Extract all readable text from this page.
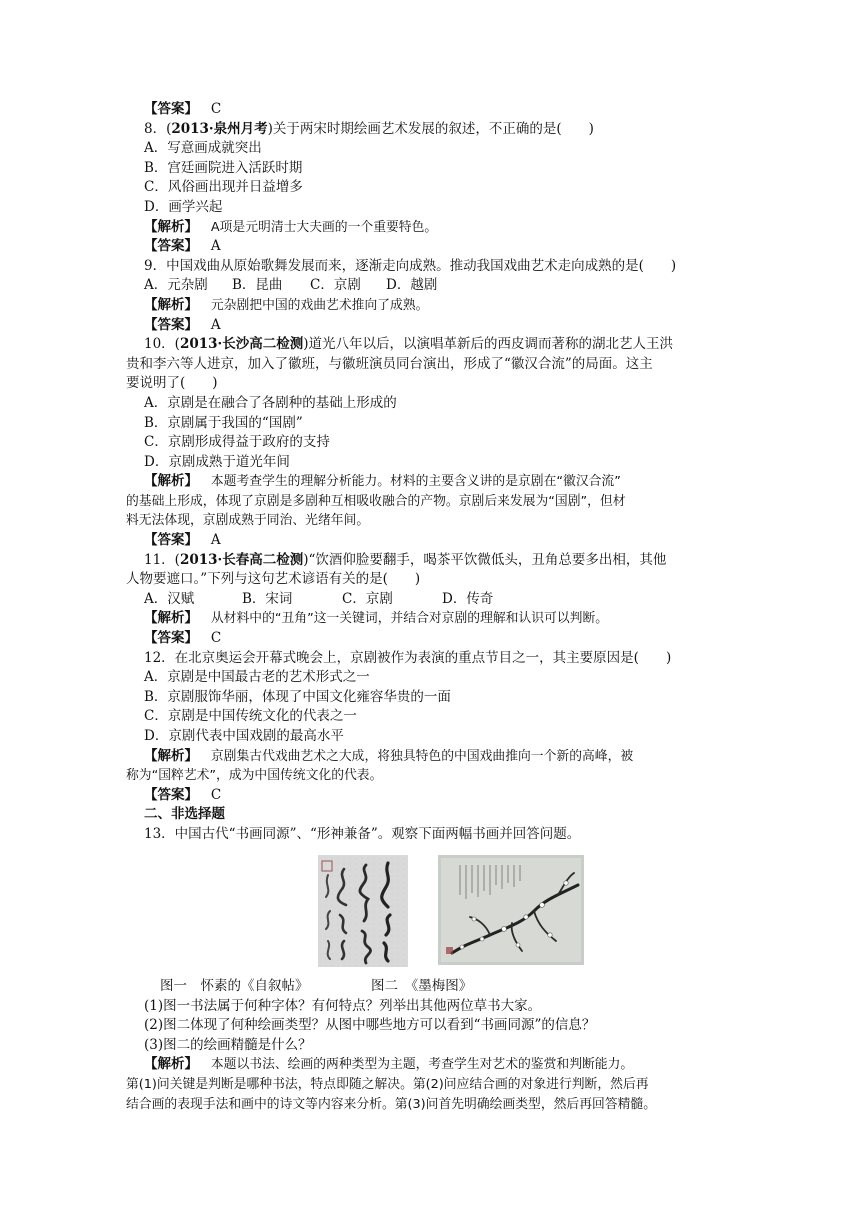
【答案】 C
8．(2013·泉州月考)关于两宋时期绘画艺术发展的叙述，不正确的是(　　)
A．写意画成就突出
B．宫廷画院进入活跃时期
C．风俗画出现并日益增多
D．画学兴起
【解析】 A项是元明清士大夫画的一个重要特色。
【答案】 A
9．中国戏曲从原始歌舞发展而来，逐渐走向成熟。推动我国戏曲艺术走向成熟的是(　　)
A．元杂剧 B．昆曲 C．京剧 D．越剧
【解析】 元杂剧把中国的戏曲艺术推向了成熟。
【答案】 A
10．(2013·长沙高二检测)道光八年以后，以演唱革新后的西皮调而著称的湖北艺人王洪
贵和李六等人进京，加入了徽班，与徽班演员同台演出，形成了“徽汉合流”的局面。这主
要说明了(　　)
A．京剧是在融合了各剧种的基础上形成的
B．京剧属于我国的“国剧”
C．京剧形成得益于政府的支持
D．京剧成熟于道光年间
【解析】 本题考查学生的理解分析能力。材料的主要含义讲的是京剧在“徽汉合流”
的基础上形成，体现了京剧是多剧种互相吸收融合的产物。京剧后来发展为“国剧”，但材
料无法体现，京剧成熟于同治、光绪年间。
【答案】 A
11．(2013·长春高二检测)“饮酒仰脸要翻手，喝茶平饮微低头，丑角总要多出相，其他
人物要遮口。”下列与这句艺术谚语有关的是(　　)
A．汉赋	B．宋词	C．京剧	D．传奇
【解析】 从材料中的“丑角”这一关键词，并结合对京剧的理解和认识可以判断。
【答案】 C
12．在北京奥运会开幕式晚会上，京剧被作为表演的重点节目之一，其主要原因是(　　)
A．京剧是中国最古老的艺术形式之一
B．京剧服饰华丽，体现了中国文化雍容华贵的一面
C．京剧是中国传统文化的代表之一
D．京剧代表中国戏剧的最高水平
【解析】 京剧集古代戏曲艺术之大成，将独具特色的中国戏曲推向一个新的高峰，被
称为“国粹艺术”，成为中国传统文化的代表。
【答案】 C
二、非选择题
13．中国古代“书画同源”、“形神兼备”。观察下面两幅书画并回答问题。
图一　怀素的《自叙帖》	图二　《墨梅图》
(1)图一书法属于何种字体？有何特点？列举出其他两位草书大家。
(2)图二体现了何种绘画类型？从图中哪些地方可以看到“书画同源”的信息？
(3)图二的绘画精髓是什么？
【解析】 本题以书法、绘画的两种类型为主题，考查学生对艺术的鉴赏和判断能力。
第(1)问关键是判断是哪种书法，特点即随之解决。第(2)问应结合画的对象进行判断，然后再
结合画的表现手法和画中的诗文等内容来分析。第(3)问首先明确绘画类型，然后再回答精髓。
